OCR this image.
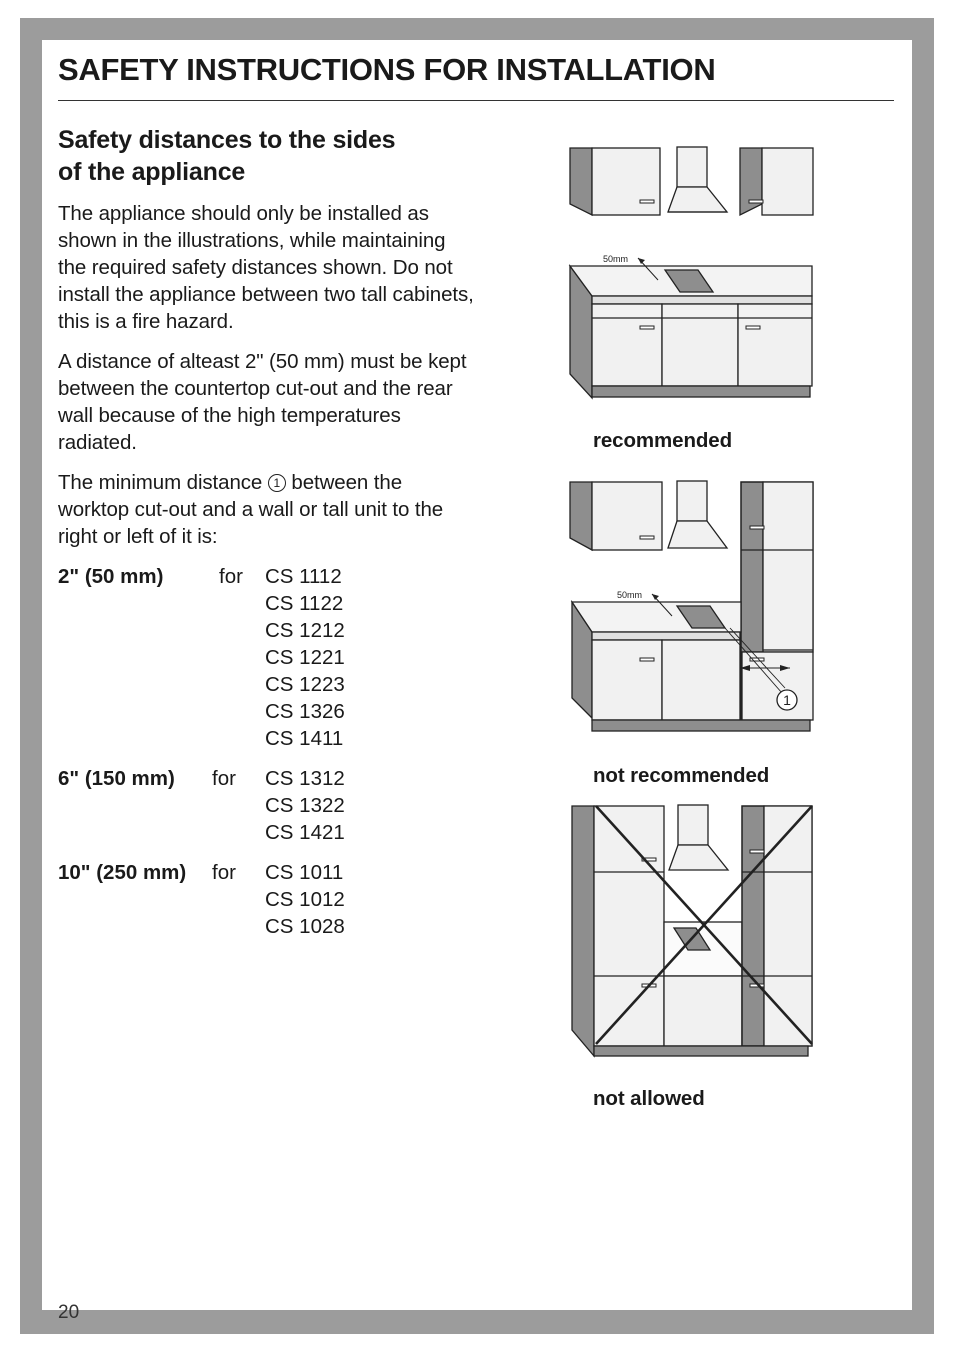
SAFETY INSTRUCTIONS FOR INSTALLATION
Safety distances to the sides
of the appliance

The appliance should only be installed as shown in the illustrations, while maintaining the required safety distances shown. Do not install the appliance between two tall cabinets, this is a fire hazard.

A distance of alteast 2" (50 mm) must be kept between the countertop cut-out and the rear wall because of the high temperatures radiated.

The minimum distance 1 between the worktop cut-out and a wall or tall unit to the right or left of it is:

2" (50 mm)	for CS 1112
CS 1122
CS 1212
CS 1221
CS 1223
CS 1326
CS 1411
6" (150 mm) for CS 1312
CS 1322
CS 1421
10" (250 mm) for CS 1011
CS 1012
CS 1028
50mm

recommended

50mm
1

not recommended

not allowed

20
